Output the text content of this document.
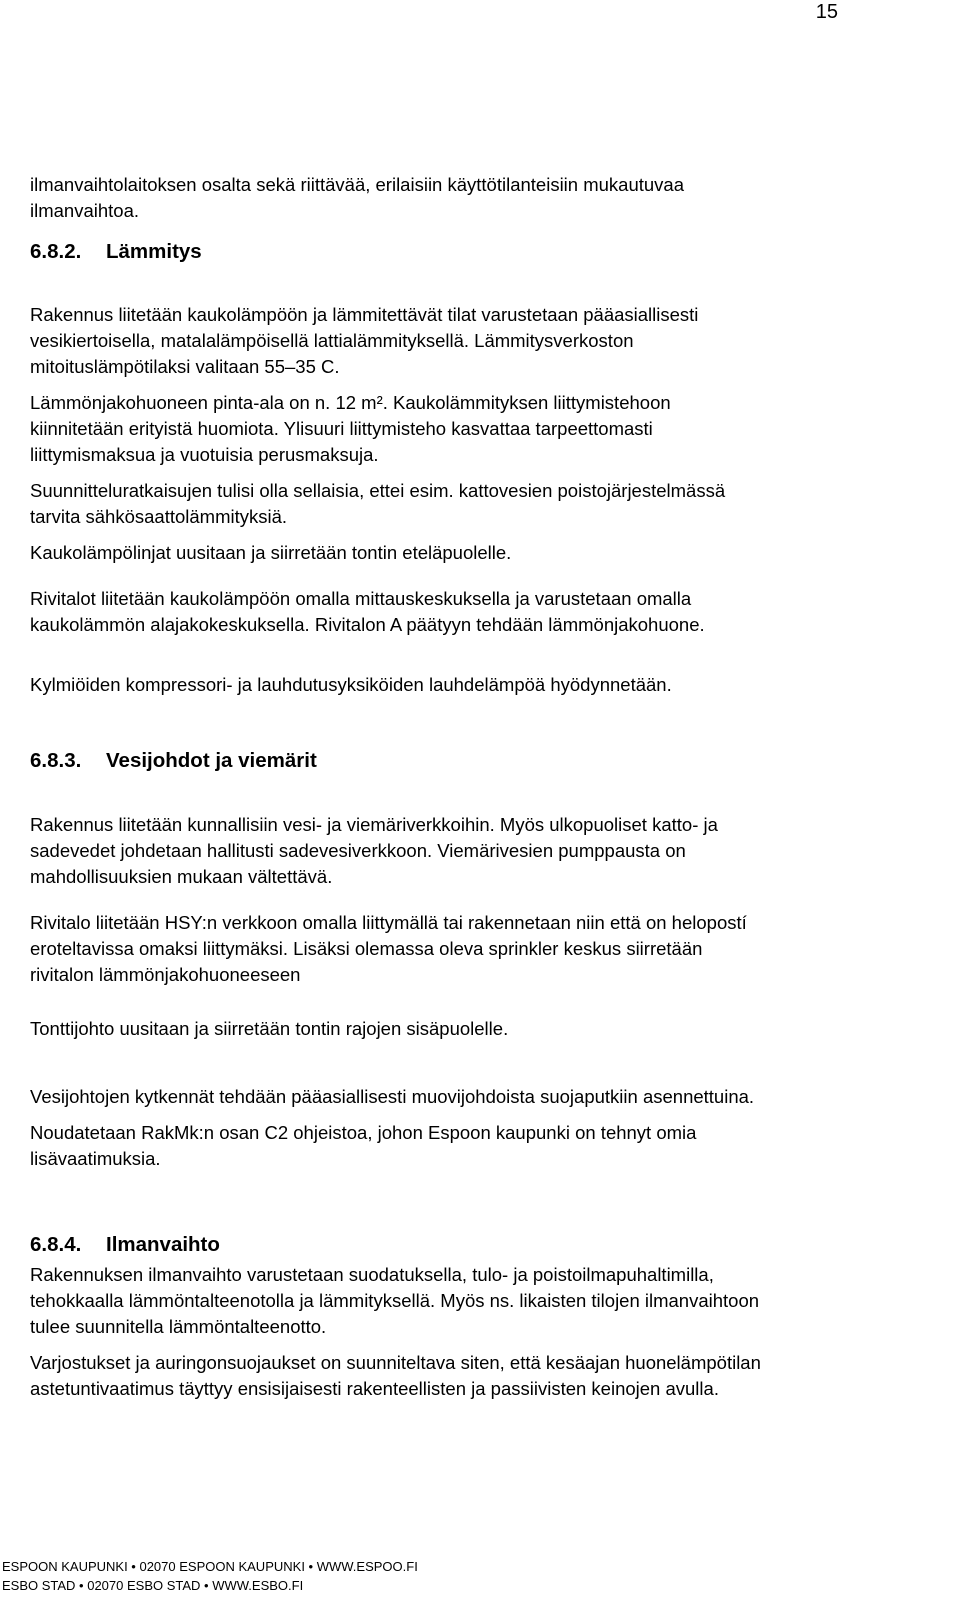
15

ilmanvaihtolaitoksen osalta sekä riittävää, erilaisiin käyttötilanteisiin mukautuvaa

ilmanvaihtoa.

6.8.2. Lämmitys

Rakennus liitetään kaukolämpöön ja lämmitettävät tilat varustetaan pääasiallisesti

vesikiertoisella, matalalämpöisellä lattialämmityksellä. Lämmitysverkoston

mitoituslämpötilaksi valitaan 55–35 C.

Lämmönjakohuoneen pinta-ala on n. 12 m². Kaukolämmityksen liittymistehoon

kiinnitetään erityistä huomiota. Ylisuuri liittymisteho kasvattaa tarpeettomasti

liittymismaksua ja vuotuisia perusmaksuja.

Suunnitteluratkaisujen tulisi olla sellaisia, ettei esim. kattovesien poistojärjestelmässä

tarvita sähkösaattolämmityksiä.

Kaukolämpölinjat uusitaan ja siirretään tontin eteläpuolelle.

Rivitalot liitetään kaukolämpöön omalla mittauskeskuksella ja varustetaan omalla

kaukolämmön alajakokeskuksella. Rivitalon A päätyyn tehdään lämmönjakohuone.

Kylmiöiden kompressori- ja lauhdutusyksiköiden lauhdelämpöä hyödynnetään.

6.8.3. Vesijohdot ja viemärit

Rakennus liitetään kunnallisiin vesi- ja viemäriverkkoihin. Myös ulkopuoliset katto- ja

sadevedet johdetaan hallitusti sadevesiverkkoon. Viemärivesien pumppausta on

mahdollisuuksien mukaan vältettävä.

Rivitalo liitetään HSY:n verkkoon omalla liittymällä tai rakennetaan niin että on helopostí

eroteltavissa omaksi liittymäksi. Lisäksi olemassa oleva sprinkler keskus siirretään

rivitalon lämmönjakohuoneeseen

Tonttijohto uusitaan ja siirretään tontin rajojen sisäpuolelle.

Vesijohtojen kytkennät tehdään pääasiallisesti muovijohdoista suojaputkiin asennettuina.

Noudatetaan RakMk:n osan C2 ohjeistoa, johon Espoon kaupunki on tehnyt omia

lisävaatimuksia.

6.8.4. Ilmanvaihto

Rakennuksen ilmanvaihto varustetaan suodatuksella, tulo- ja poistoilmapuhaltimilla,

tehokkaalla lämmöntalteenotolla ja lämmityksellä. Myös ns. likaisten tilojen ilmanvaihtoon

tulee suunnitella lämmöntalteenotto.

Varjostukset ja auringonsuojaukset on suunniteltava siten, että kesäajan huonelämpötilan

astetuntivaatimus täyttyy ensisijaisesti rakenteellisten ja passiivisten keinojen avulla.

ESPOON KAUPUNKI • 02070 ESPOON KAUPUNKI • WWW.ESPOO.FI
ESBO STAD • 02070 ESBO STAD • WWW.ESBO.FI
